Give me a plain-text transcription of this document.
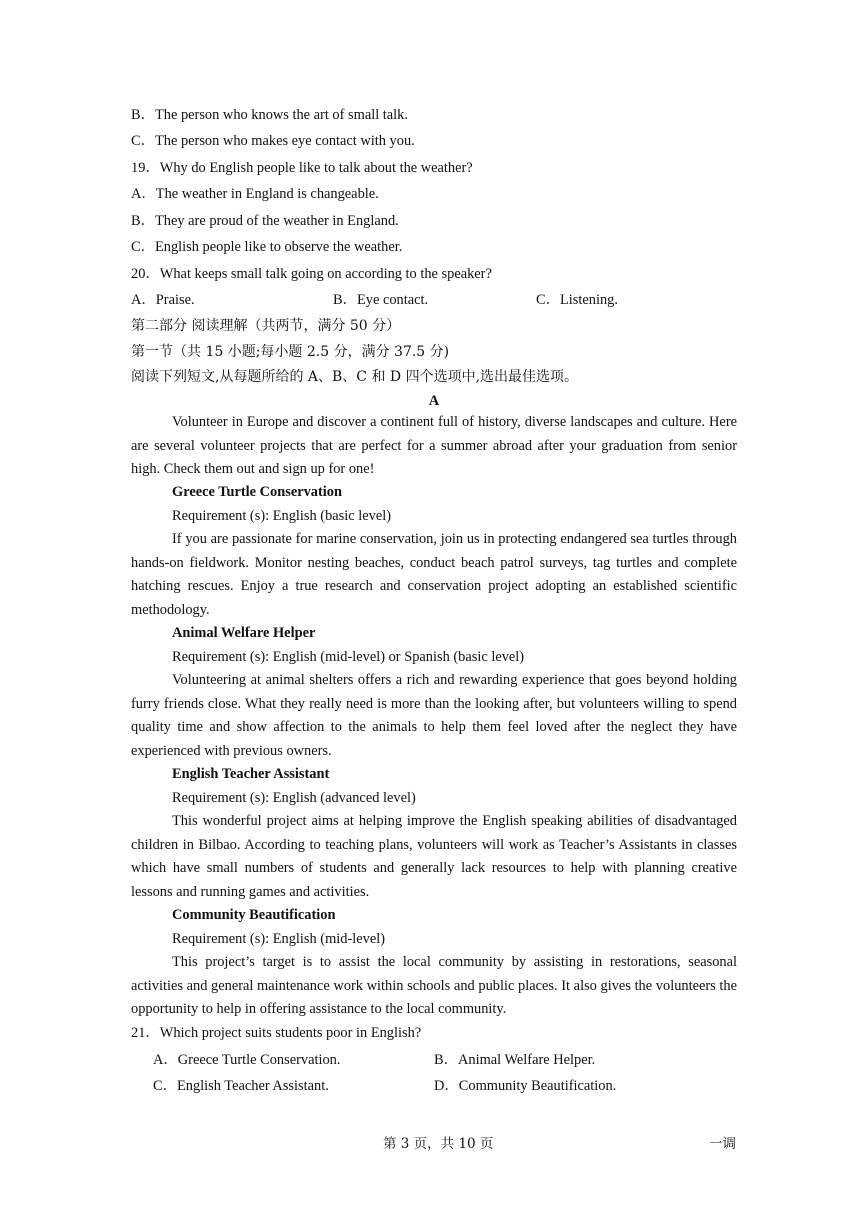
B．The person who knows the art of small talk.
C．The person who makes eye contact with you.
19．Why do English people like to talk about the weather?
A．The weather in England is changeable.
B．They are proud of the weather in England.
C．English people like to observe the weather.
20．What keeps small talk going on according to the speaker?
A．Praise.	B．Eye contact.	C．Listening.
第二部分 阅读理解（共两节，满分 50 分）
第一节（共 15 小题;每小题 2.5 分，满分 37.5 分)
阅读下列短文,从每题所给的 A、B、C 和 D 四个选项中,选出最佳选项。
A

Volunteer in Europe and discover a continent full of history, diverse landscapes and culture. Here are several volunteer projects that are perfect for a summer abroad after your graduation from senior high. Check them out and sign up for one!

Greece Turtle Conservation
Requirement (s): English (basic level)

If you are passionate for marine conservation, join us in protecting endangered sea turtles through hands-on fieldwork. Monitor nesting beaches, conduct beach patrol surveys, tag turtles and complete hatching rescues. Enjoy a true research and conservation project adopting an established scientific methodology.

Animal Welfare Helper
Requirement (s): English (mid-level) or Spanish (basic level)

Volunteering at animal shelters offers a rich and rewarding experience that goes beyond holding furry friends close. What they really need is more than the looking after, but volunteers willing to spend quality time and show affection to the animals to help them feel loved after the neglect they have experienced with previous owners.

English Teacher Assistant
Requirement (s): English (advanced level)

This wonderful project aims at helping improve the English speaking abilities of disadvantaged children in Bilbao. According to teaching plans, volunteers will work as Teacher’s Assistants in classes which have small numbers of students and generally lack resources to help with planning creative lessons and running games and activities.

Community Beautification
Requirement (s): English (mid-level)

This project’s target is to assist the local community by assisting in restorations, seasonal activities and general maintenance work within schools and public places. It also gives the volunteers the opportunity to help in offering assistance to the local community.

21．Which project suits students poor in English?
A．Greece Turtle Conservation.	B．Animal Welfare Helper.
C．English Teacher Assistant.	D．Community Beautification.
第 3 页，共 10 页	一调
